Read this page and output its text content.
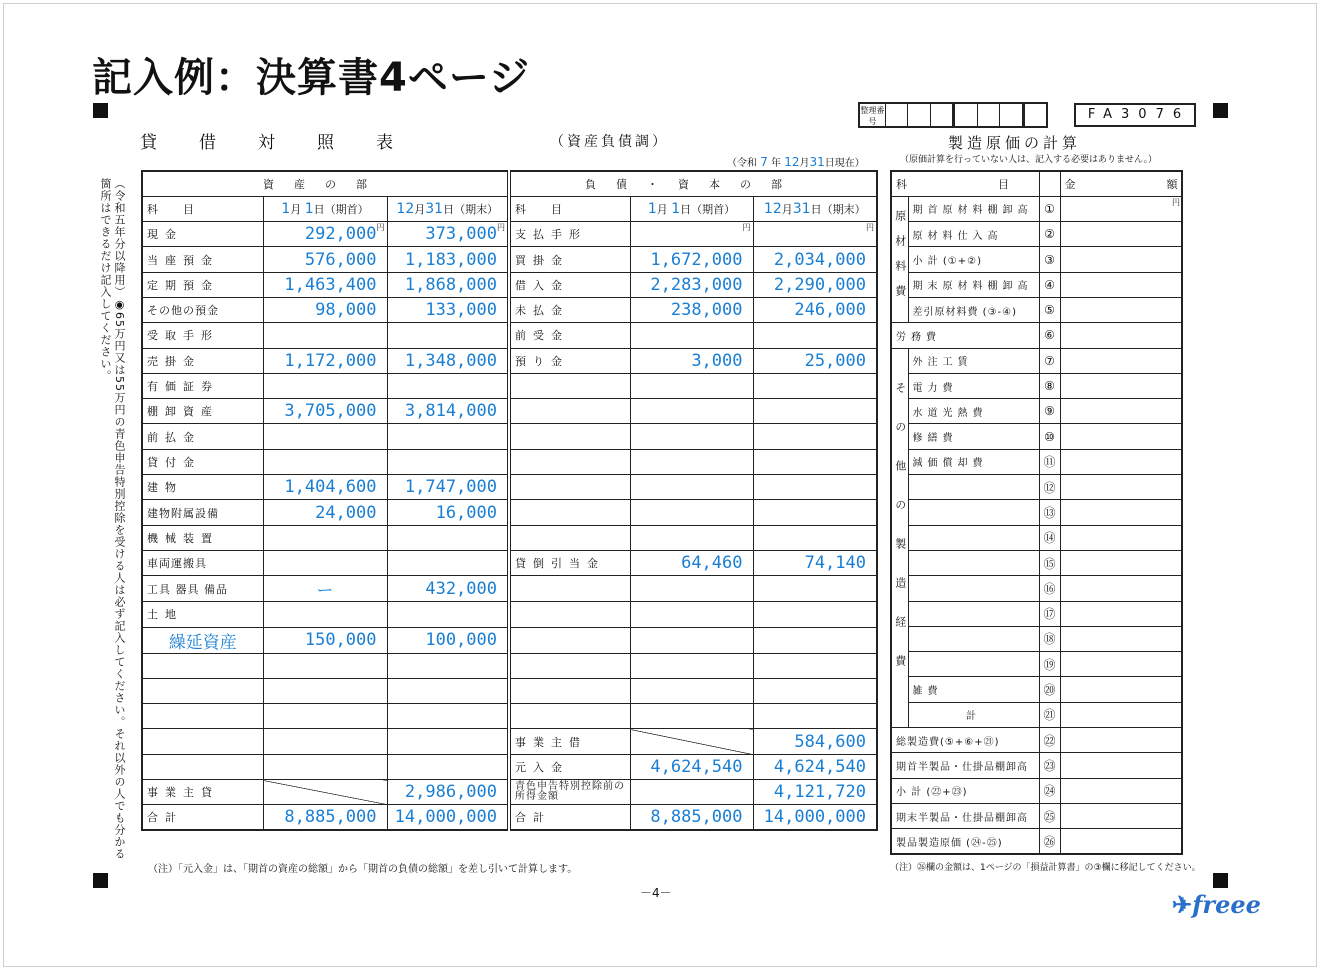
記入例：決算書4ページ
貸借対照表	（資産負債調）
（令和 7 年 12月31日現在）
（令和五年分以降用）◉65万円又は55万円の青色申告特別控除を受ける人は必ず記入してください。それ以外の人でも分かる箇所はできるだけ記入してください。	資産の部			負債・資本の部		
科　目	1月 1日（期首）	12月31日（期末）	科　目	1月 1日（期首）	12月31日（期末）
現金	292,000 円	373,000 円	支払手形	円	円

当座預金	576,000	1,183,000	買掛金	1,672,000	2,034,000
定期預金	1,463,400	1,868,000	借入金	2,283,000	2,290,000
その他の預金	98,000	133,000	未払金	238,000	246,000
受取手形			前受金		
売掛金	1,172,000	1,348,000	預り金	3,000	25,000
有価証券					
棚卸資産	3,705,000	3,814,000			
前払金					
貸付金					
建物	1,404,600	1,747,000			
建物附属設備	24,000	16,000			
機械装置					
車両運搬具			貸倒引当金	64,460	74,140
工具 器具 備品	ー	432,000			
土地					
繰延資産	150,000	100,000			

			事業主借		584,600
			元入金	4,624,540	4,624,540
事業主貸		2,986,000	青色申告特別控除前の所得金額		4,121,720
合計	8,885,000	14,000,000	合計	8,885,000	14,000,000
（注）「元入金」は、「期首の資産の総額」から「期首の負債の総額」を差し引いて計算します。
－4－
整理番号	FA3076
製造原価の計算
（原価計算を行っていない人は、記入する必要はありません。）
科　目			金　額
原材料費	期首原材料棚卸高	①	円

	原材料仕入高	②	
	小 計 (①+②)	③	
	期末原材料棚卸高	④	
	差引原材料費 (③-④)	⑤	
労務費		⑥	
その他の製造経費	外注工賃	⑦	
	電力費	⑧	
	水道光熱費	⑨	
	修繕費	⑩	
	減価償却費	⑪	
		⑫	
		⑬	
		⑭	
		⑮	
		⑯	
		⑰	
		⑱	
		⑲	
	雑費	⑳	
	計	㉑	
総製造費(⑤+⑥+㉑)		㉒	
期首半製品・仕掛品棚卸高		㉓	
小 計 (㉒+㉓)		㉔	
期末半製品・仕掛品棚卸高		㉕	
製品製造原価 (㉔-㉕)		㉖	
（注）㉖欄の金額は、1ページの「損益計算書」の③欄に移記してください。
✈freee
